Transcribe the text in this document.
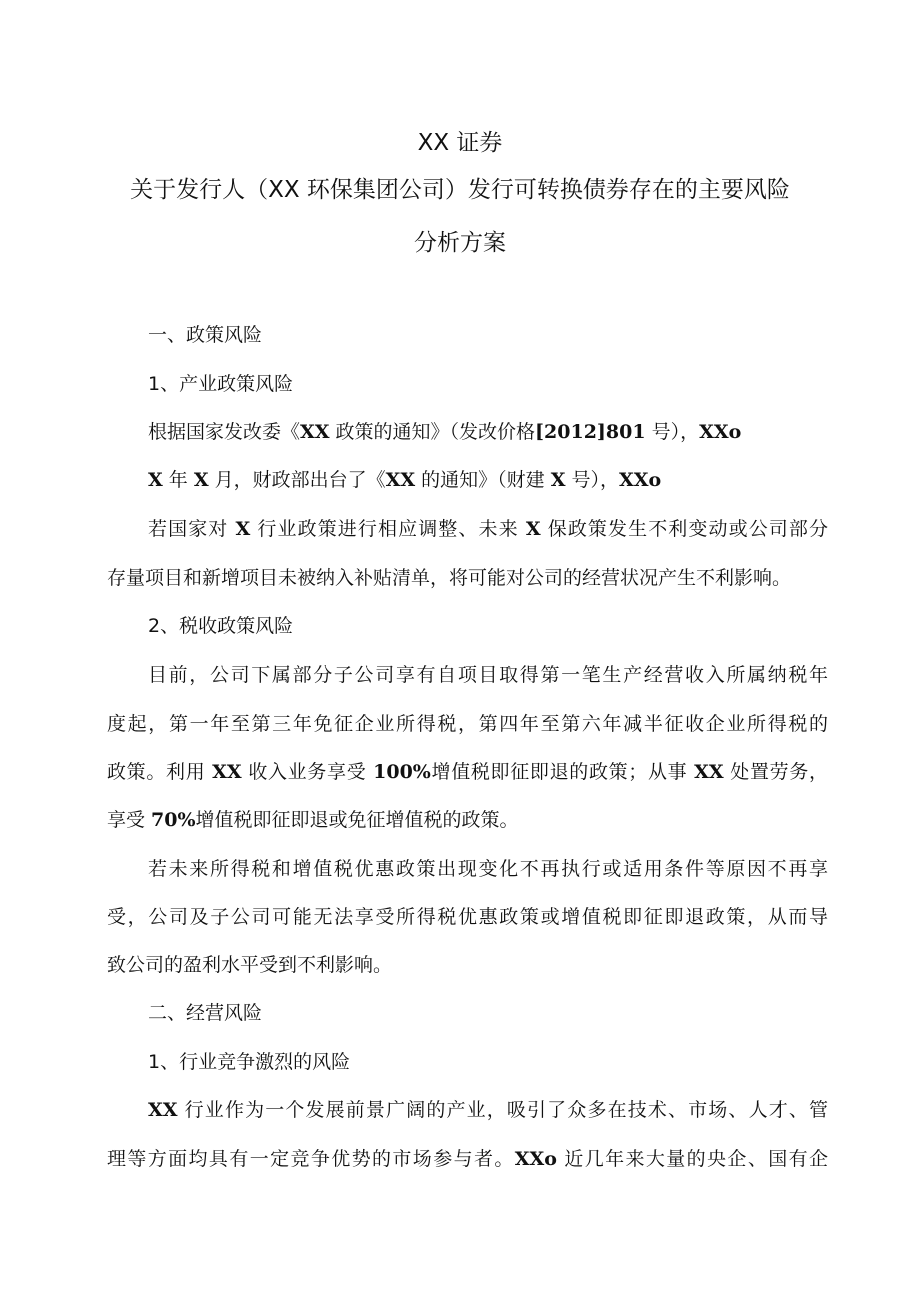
XX 证券
关于发行人（XX 环保集团公司）发行可转换债券存在的主要风险
分析方案
一、政策风险
1、产业政策风险
根据国家发改委《XX 政策的通知》（发改价格[2012]801 号），XXo
X 年 X 月，财政部出台了《XX 的通知》（财建 X 号），XXo
若国家对 X 行业政策进行相应调整、未来 X 保政策发生不利变动或公司部分
存量项目和新增项目未被纳入补贴清单，将可能对公司的经营状况产生不利影响。
2、税收政策风险
目前，公司下属部分子公司享有自项目取得第一笔生产经营收入所属纳税年
度起，第一年至第三年免征企业所得税，第四年至第六年减半征收企业所得税的
政策。利用 XX 收入业务享受 100%增值税即征即退的政策；从事 XX 处置劳务，
享受 70%增值税即征即退或免征增值税的政策。
若未来所得税和增值税优惠政策出现变化不再执行或适用条件等原因不再享
受，公司及子公司可能无法享受所得税优惠政策或增值税即征即退政策，从而导
致公司的盈利水平受到不利影响。
二、经营风险
1、行业竞争激烈的风险
XX 行业作为一个发展前景广阔的产业，吸引了众多在技术、市场、人才、管
理等方面均具有一定竞争优势的市场参与者。XXo 近几年来大量的央企、国有企
